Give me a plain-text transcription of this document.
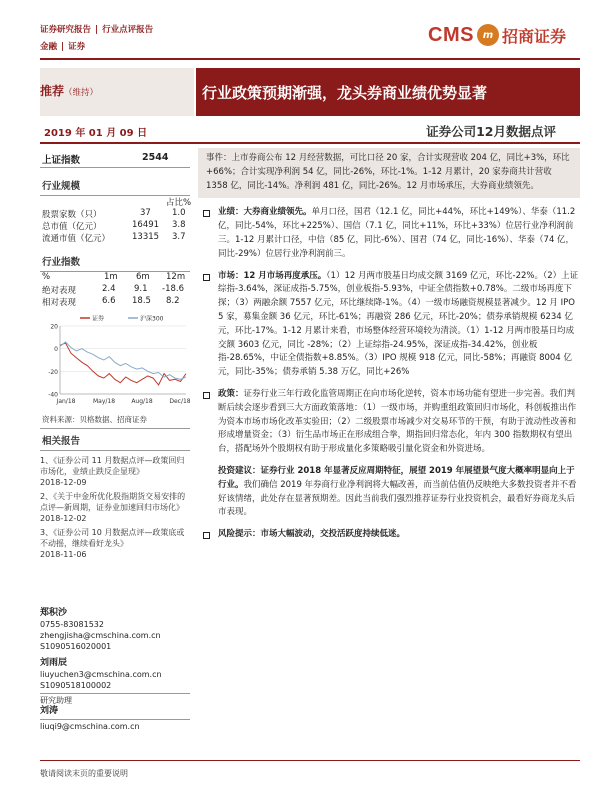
证券研究报告 | 行业点评报告
金融 | 证券
CMS m 招商证券
推荐（维持）	行业政策预期渐强，龙头券商业绩优势显著
2019 年 01 月 09 日	证券公司12月数据点评
上证指数	2544
行业规模
占比%
股票家数（只）	37 1.0
总市值（亿元）	16491 3.8
流通市值（亿元）	13315 3.7
行业指数
%	1m 6m 12m
绝对表现	2.4 9.1 -18.6
相对表现	6.6 18.5 8.2
20
0
-20
-40
Jan/18	May/18	Aug/18	Dec/18
证券	沪深300
资料来源：贝格数据、招商证券
相关报告
1、《证券公司 11 月数据点评—政策回归市场化，业绩止跌反企显现》
2018-12-09
2、《关于中金所优化股指期货交易安排的点评—新周期，证券业加速回归市场化》
2018-12-02
3、《证券公司 10 月数据点评—政策底或不动摇，继续看好龙头》
2018-11-06
郑积沙
0755-83081532
zhengjisha@cmschina.com.cn
S1090516020001
刘雨辰
liuyuchen3@cmschina.com.cn
S1090518100002
研究助理
刘涛
liuqi9@cmschina.com.cn
事件：上市券商公布 12 月经营数据，可比口径 20 家，合计实现营收 204 亿，同比+3%，环比+66%；合计实现净利润 54 亿，同比-26%，环比-1%。1-12 月累计，20 家券商共计营收 1358 亿，同比-14%。净利润 481 亿，同比-26%。12 月市场承压，大券商业绩领先。
业绩：大券商业绩领先。单月口径，国君（12.1 亿，同比+44%，环比+149%）、华泰（11.2 亿，同比-54%，环比+225%）、国信（7.1 亿，同比+11%，环比+33%）位居行业净利润前三。1-12 月累计口径，中信（85 亿，同比-6%）、国君（74 亿，同比-16%）、华泰（74 亿，同比-29%）位居行业净利润前三。
市场：12 月市场再度承压。（1）12 月两市股基日均成交额 3169 亿元，环比-22%。（2）上证综指-3.64%，深证成指-5.75%，创业板指-5.93%，中证全债指数+0.78%。二级市场再度下探；（3）两融余额 7557 亿元，环比继续降-1%。（4）一级市场融资规模显著减少。12 月 IPO 5 家，募集金额 36 亿元，环比-61%；再融资 286 亿元，环比-20%；债券承销规模 6234 亿元，环比-17%。1-12 月累计来看，市场整体经营环境较为清淡。（1）1-12 月两市股基日均成交额 3603 亿元，同比 -28%；（2）上证综指-24.95%，深证成指-34.42%，创业板指-28.65%，中证全债指数+8.85%。（3）IPO 规模 918 亿元，同比-58%；再融资 8004 亿元，同比-35%；债券承销 5.38 万亿，同比+26%
政策：证券行业三年行政化监管周期正在向市场化逆转，资本市场功能有望进一步完善。我们判断后续会逐步看到三大方面政策落地：（1）一级市场，并购重组政策回归市场化，科创板推出作为资本市场市场化改革实验田；（2）二级股票市场减少对交易环节的干预，有助于流动性改善和形成增量资金；（3）衍生品市场正在形成组合拳，期指回归常态化，年内 300 指数期权有望出台，搭配场外个股期权有助于形成量化多策略吸引量化资金和外资进场。
投资建议：证券行业 2018 年显著反应周期特征，展望 2019 年展望景气度大概率明显向上于行业。我们确信 2019 年券商行业净利润将大幅改善，而当前估值仍反映绝大多数投资者并不看好该情绪，此处存在显著预期差。因此当前我们强烈推荐证券行业投资机会，最看好券商龙头后市表现。
风险提示：市场大幅波动，交投活跃度持续低迷。
敬请阅读末页的重要说明
